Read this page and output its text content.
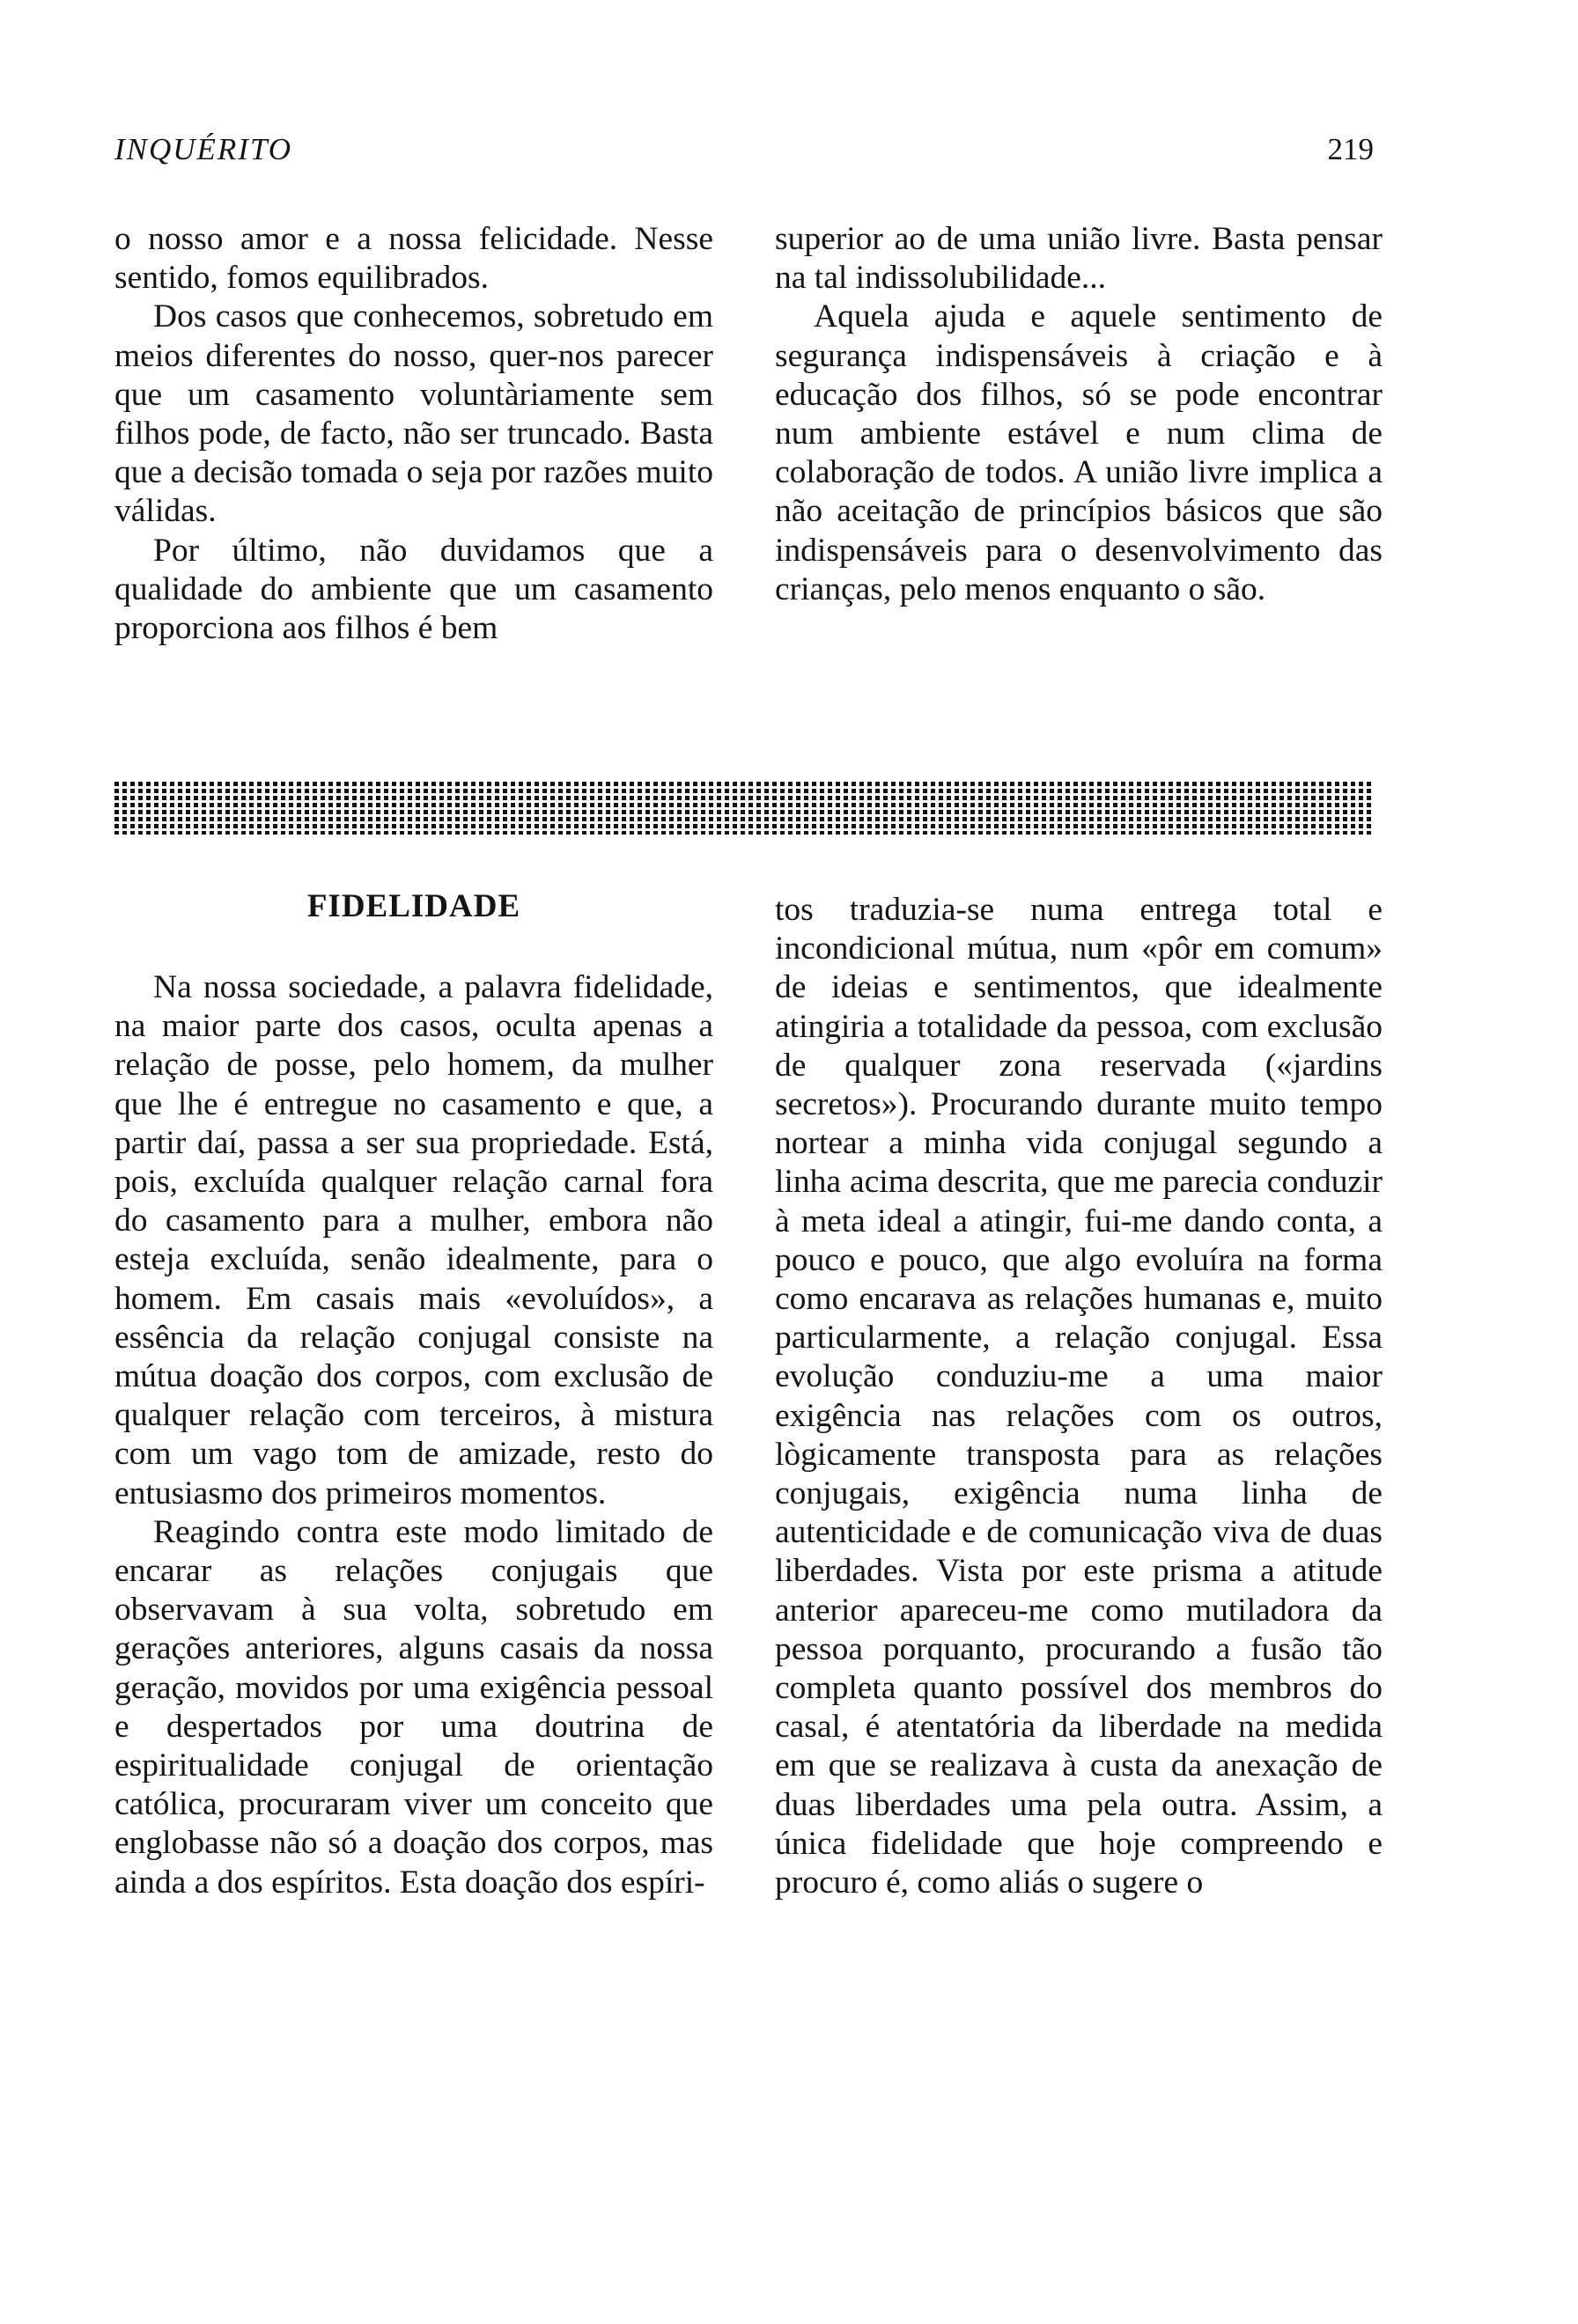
INQUÉRITO	219

o nosso amor e a nossa felicidade. Nesse sentido, fomos equilibrados.

Dos casos que conhecemos, sobretudo em meios diferentes do nosso, quer-nos parecer que um casamento voluntàriamente sem filhos pode, de facto, não ser truncado. Basta que a decisão tomada o seja por razões muito válidas.

Por último, não duvidamos que a qualidade do ambiente que um casamento proporciona aos filhos é bem

superior ao de uma união livre. Basta pensar na tal indissolubilidade...

Aquela ajuda e aquele sentimento de segurança indispensáveis à criação e à educação dos filhos, só se pode encontrar num ambiente estável e num clima de colaboração de todos. A união livre implica a não aceitação de princípios básicos que são indispensáveis para o desenvolvimento das crianças, pelo menos enquanto o são.

FIDELIDADE

Na nossa sociedade, a palavra fidelidade, na maior parte dos casos, oculta apenas a relação de posse, pelo homem, da mulher que lhe é entregue no casamento e que, a partir daí, passa a ser sua propriedade. Está, pois, excluída qualquer relação carnal fora do casamento para a mulher, embora não esteja excluída, senão idealmente, para o homem. Em casais mais «evoluídos», a essência da relação conjugal consiste na mútua doação dos corpos, com exclusão de qualquer relação com terceiros, à mistura com um vago tom de amizade, resto do entusiasmo dos primeiros momentos.

Reagindo contra este modo limitado de encarar as relações conjugais que observavam à sua volta, sobretudo em gerações anteriores, alguns casais da nossa geração, movidos por uma exigência pessoal e despertados por uma doutrina de espiritualidade conjugal de orientação católica, procuraram viver um conceito que englobasse não só a doação dos corpos, mas ainda a dos espíritos. Esta doação dos espíri-

tos traduzia-se numa entrega total e incondicional mútua, num «pôr em comum» de ideias e sentimentos, que idealmente atingiria a totalidade da pessoa, com exclusão de qualquer zona reservada («jardins secretos»). Procurando durante muito tempo nortear a minha vida conjugal segundo a linha acima descrita, que me parecia conduzir à meta ideal a atingir, fui-me dando conta, a pouco e pouco, que algo evoluíra na forma como encarava as relações humanas e, muito particularmente, a relação conjugal. Essa evolução conduziu-me a uma maior exigência nas relações com os outros, lògicamente transposta para as relações conjugais, exigência numa linha de autenticidade e de comunicação viva de duas liberdades. Vista por este prisma a atitude anterior apareceu-me como mutiladora da pessoa porquanto, procurando a fusão tão completa quanto possível dos membros do casal, é atentatória da liberdade na medida em que se realizava à custa da anexação de duas liberdades uma pela outra. Assim, a única fidelidade que hoje compreendo e procuro é, como aliás o sugere o
